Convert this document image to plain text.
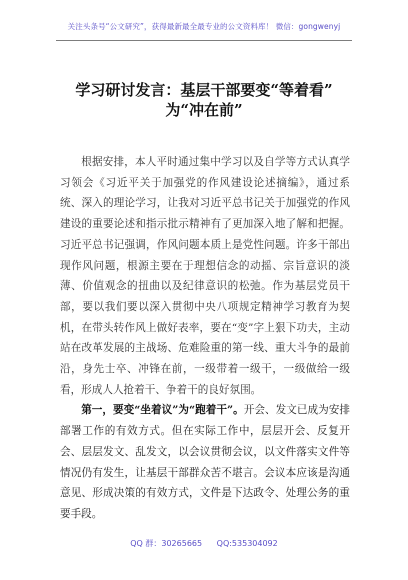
关注头条号“公文研究”，获得最新最全最专业的公文资料库！ 微信：gongwenyj
学习研讨发言：基层干部要变“等着看”
为“冲在前”

根据安排，本人平时通过集中学习以及自学等方式认真学习领会《习近平关于加强党的作风建设论述摘编》，通过系统、深入的理论学习，让我对习近平总书记关于加强党的作风建设的重要论述和指示批示精神有了更加深入地了解和把握。习近平总书记强调，作风问题本质上是党性问题。许多干部出现作风问题，根源主要在于理想信念的动摇、宗旨意识的淡薄、价值观念的扭曲以及纪律意识的松弛。作为基层党员干部，要以我们要以深入贯彻中央八项规定精神学习教育为契机，在带头转作风上做好表率，要在“变”字上狠下功夫，主动站在改革发展的主战场、危难险重的第一线、重大斗争的最前沿，身先士卒、冲锋在前，一级带着一级干，一级做给一级看，形成人人抢着干、争着干的良好氛围。

第一，要变“坐着议”为“跑着干”。开会、发文已成为安排部署工作的有效方式。但在实际工作中，层层开会、反复开会、层层发文、乱发文，以会议贯彻会议，以文件落实文件等情况仍有发生，让基层干部群众苦不堪言。会议本应该是沟通意见、形成决策的有效方式，文件是下达政令、处理公务的重要手段。

QQ 群：30265665 QQ:535304092
